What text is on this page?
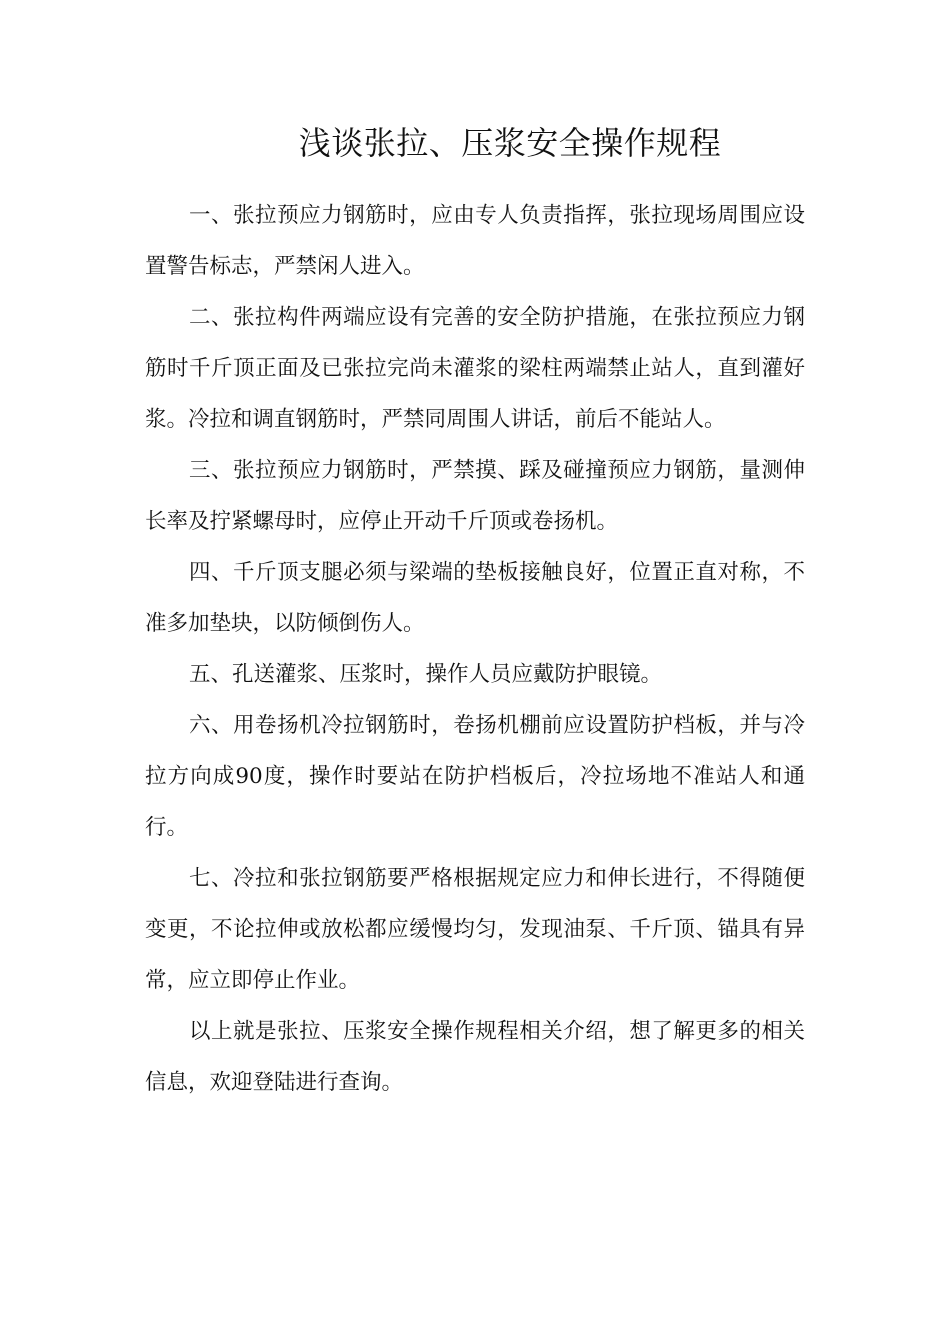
浅谈张拉、压浆安全操作规程

一、张拉预应力钢筋时，应由专人负责指挥，张拉现场周围应设置警告标志，严禁闲人进入。

二、张拉构件两端应设有完善的安全防护措施，在张拉预应力钢筋时千斤顶正面及已张拉完尚未灌浆的梁柱两端禁止站人，直到灌好浆。冷拉和调直钢筋时，严禁同周围人讲话，前后不能站人。

三、张拉预应力钢筋时，严禁摸、踩及碰撞预应力钢筋，量测伸长率及拧紧螺母时，应停止开动千斤顶或卷扬机。

四、千斤顶支腿必须与梁端的垫板接触良好，位置正直对称，不准多加垫块，以防倾倒伤人。

五、孔送灌浆、压浆时，操作人员应戴防护眼镜。

六、用卷扬机冷拉钢筋时，卷扬机棚前应设置防护档板，并与冷拉方向成90度，操作时要站在防护档板后，冷拉场地不准站人和通行。

七、冷拉和张拉钢筋要严格根据规定应力和伸长进行，不得随便变更，不论拉伸或放松都应缓慢均匀，发现油泵、千斤顶、锚具有异常，应立即停止作业。

以上就是张拉、压浆安全操作规程相关介绍，想了解更多的相关信息，欢迎登陆进行查询。
